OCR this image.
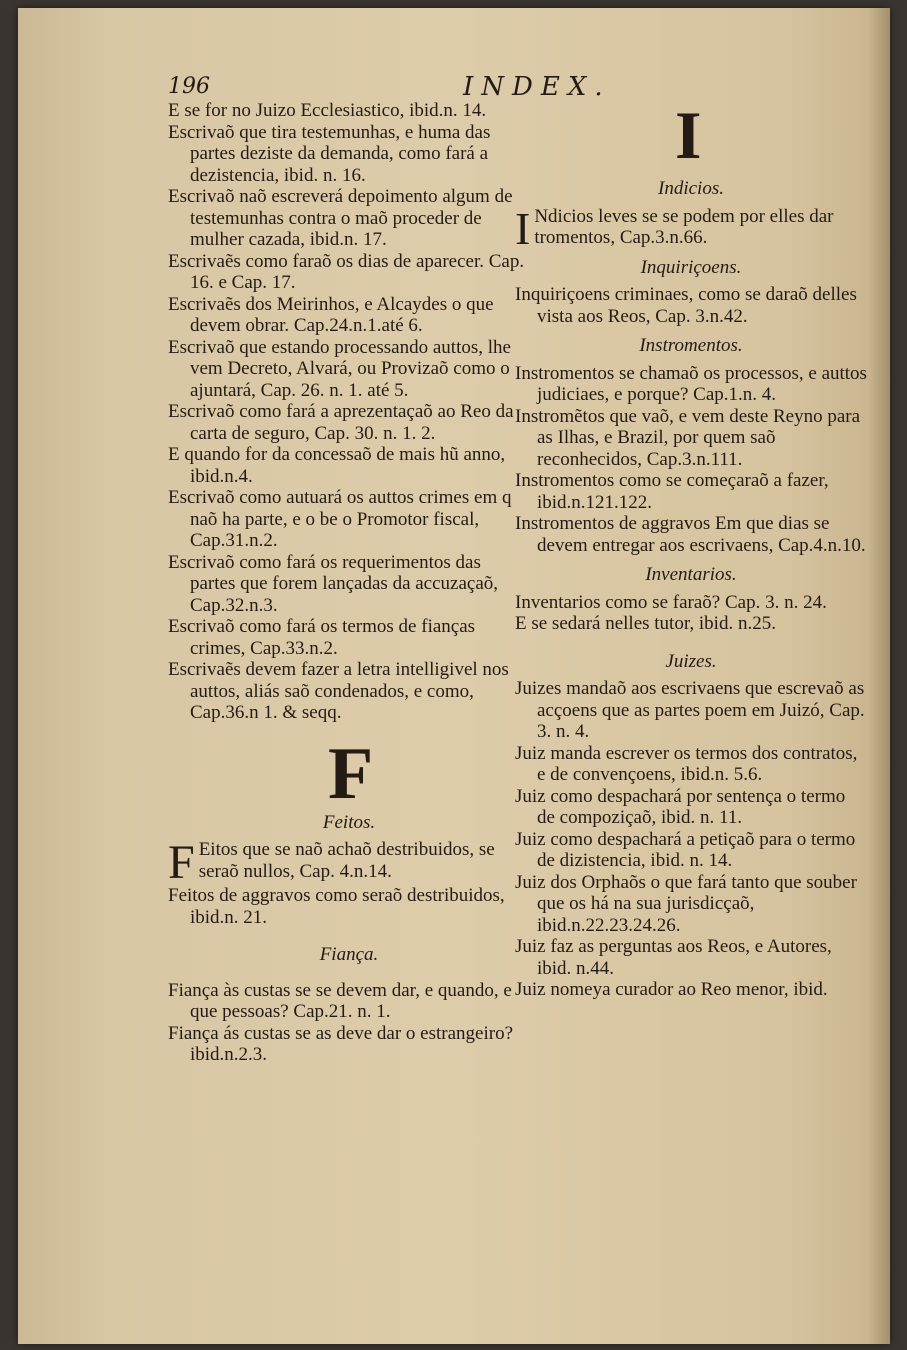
196	INDEX.

E se for no Juizo Ecclesiastico, ibid.n. 14.

Escrivaõ que tira testemunhas, e huma das partes deziste da demanda, como fará a dezistencia, ibid. n. 16.

Escrivaõ naõ escreverá depoimento algum de testemunhas contra o maõ proceder de mulher cazada, ibid.n. 17.

Escrivaẽs como faraõ os dias de aparecer. Cap. 16. e Cap. 17.

Escrivaẽs dos Meirinhos, e Alcaydes o que devem obrar. Cap.24.n.1.até 6.

Escrivaõ que estando processando auttos, lhe vem Decreto, Alvará, ou Provizaõ como o ajuntará, Cap. 26. n. 1. até 5.

Escrivaõ como fará a aprezentaçaõ ao Reo da carta de seguro, Cap. 30. n. 1. 2.

E quando for da concessaõ de mais hũ anno, ibid.n.4.

Escrivaõ como autuará os auttos crimes em q naõ ha parte, e o be o Promotor fiscal, Cap.31.n.2.

Escrivaõ como fará os requerimentos das partes que forem lançadas da accuzaçaõ, Cap.32.n.3.

Escrivaõ como fará os termos de fianças crimes, Cap.33.n.2.

Escrivaẽs devem fazer a letra intelligivel nos auttos, aliás saõ condenados, e como, Cap.36.n 1. & seqq.

F
Feitos.

F Eitos que se naõ achaõ destribuidos, se seraõ nullos, Cap. 4.n.14.

Feitos de aggravos como seraõ destribuidos, ibid.n. 21.

Fiança.

Fiança às custas se se devem dar, e quando, e que pessoas? Cap.21. n. 1.

Fiança ás custas se as deve dar o estrangeiro? ibid.n.2.3.

I
Indicios.

I Ndicios leves se se podem por elles dar tromentos, Cap.3.n.66.

Inquiriçoens.

Inquiriçoens criminaes, como se daraõ delles vista aos Reos, Cap. 3.n.42.

Instromentos.

Instromentos se chamaõ os processos, e auttos judiciaes, e porque? Cap.1.n. 4.

Instromẽtos que vaõ, e vem deste Reyno para as Ilhas, e Brazil, por quem saõ reconhecidos, Cap.3.n.111.

Instromentos como se começaraõ a fazer, ibid.n.121.122.

Instromentos de aggravos Em que dias se devem entregar aos escrivaens, Cap.4.n.10.

Inventarios.

Inventarios como se faraõ? Cap. 3. n. 24.

E se sedará nelles tutor, ibid. n.25.

Juizes.

Juizes mandaõ aos escrivaens que escrevaõ as acçoens que as partes poem em Juizó, Cap. 3. n. 4.

Juiz manda escrever os termos dos contratos, e de convençoens, ibid.n. 5.6.

Juiz como despachará por sentença o termo de compoziçaõ, ibid. n. 11.

Juiz como despachará a petiçaõ para o termo de dizistencia, ibid. n. 14.

Juiz dos Orphaõs o que fará tanto que souber que os há na sua jurisdicçaõ, ibid.n.22.23.24.26.

Juiz faz as perguntas aos Reos, e Autores, ibid. n.44.

Juiz nomeya curador ao Reo menor, ibid.
